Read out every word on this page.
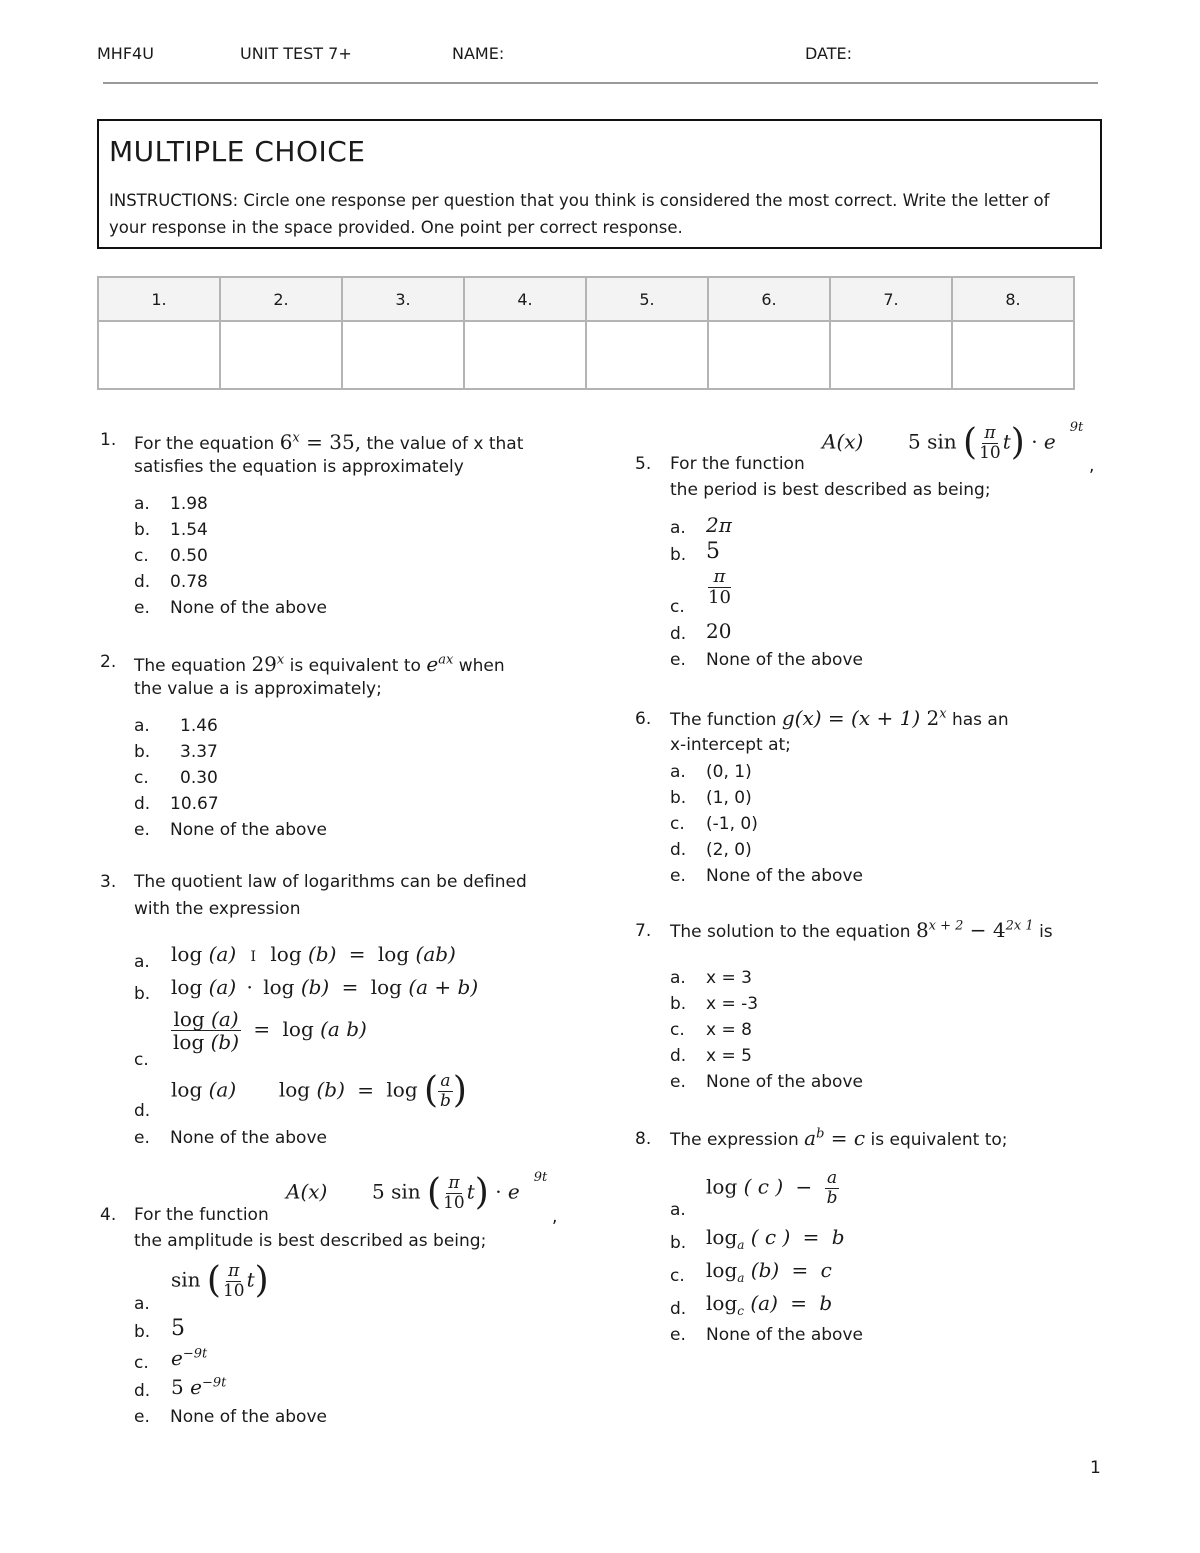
MHF4U	UNIT TEST 7+	NAME:	DATE:
MULTIPLE CHOICE
INSTRUCTIONS: Circle one response per question that you think is considered the most correct. Write the letter of your response in the space provided. One point per correct response.
1.	2.	3.	4.	5.	6.	7.	8.

1. For the equation $6^x = 35$, the value of x that
satisfies the equation is approximately
a. 1.98
b. 1.54
c. 0.50
d. 0.78
e. None of the above
2. The equation 29$^x$ is equivalent to $e^{ax}$ when
the value a is approximately;
a. 1.46
b. 3.37
c. 0.30
d. 10.67
e. None of the above
3. The quotient law of logarithms can be defined
with the expression
a. log (a) I log (b) = log (ab)
b. log (a) · log (b) = log (a + b)
c.
$\frac{\log (a)}{\log (b)} = \log (a$ b)
d.
log (a) log (b) = log ( $\frac{a}{b}$ )
e. None of the above
A(x) 5 sin ( $\frac{\pi}{10} t) \cdot e^{9t}$
,
4. For the function
the amplitude is best described as being;
a.
sin ( $\frac{\pi}{10} t$)
b. 5
c. $e^{-9t}$
d. 5 $e^{-9t}$
e. None of the above
A(x) 5 sin ( $\frac{\pi}{10} t) \cdot e^{9t}$
,
5. For the function
the period is best described as being;
a. 2π
b. 5
c. $\frac{\pi}{10}$
d. 20
e. None of the above
6. The function g(x) = (x + 1) 2$^x$ has an
x-intercept at;
a. (0, 1)
b. (1, 0)
c. (-1, 0)
d. (2, 0)
e. None of the above
7. The solution to the equation $8^{x + 2} - 4^{2x 1}$ is
a. x = 3
b. x = -3
c. x = 8
d. x = 5
e. None of the above
8. The expression $a^b = c$ is equivalent to;
a.
log ( c ) − $\frac{a}{b}$
b. $\log_a$ ( c ) = b
c. $\log_a (b) = c$
d. $\log_c (a) = b$
e. None of the above
1
